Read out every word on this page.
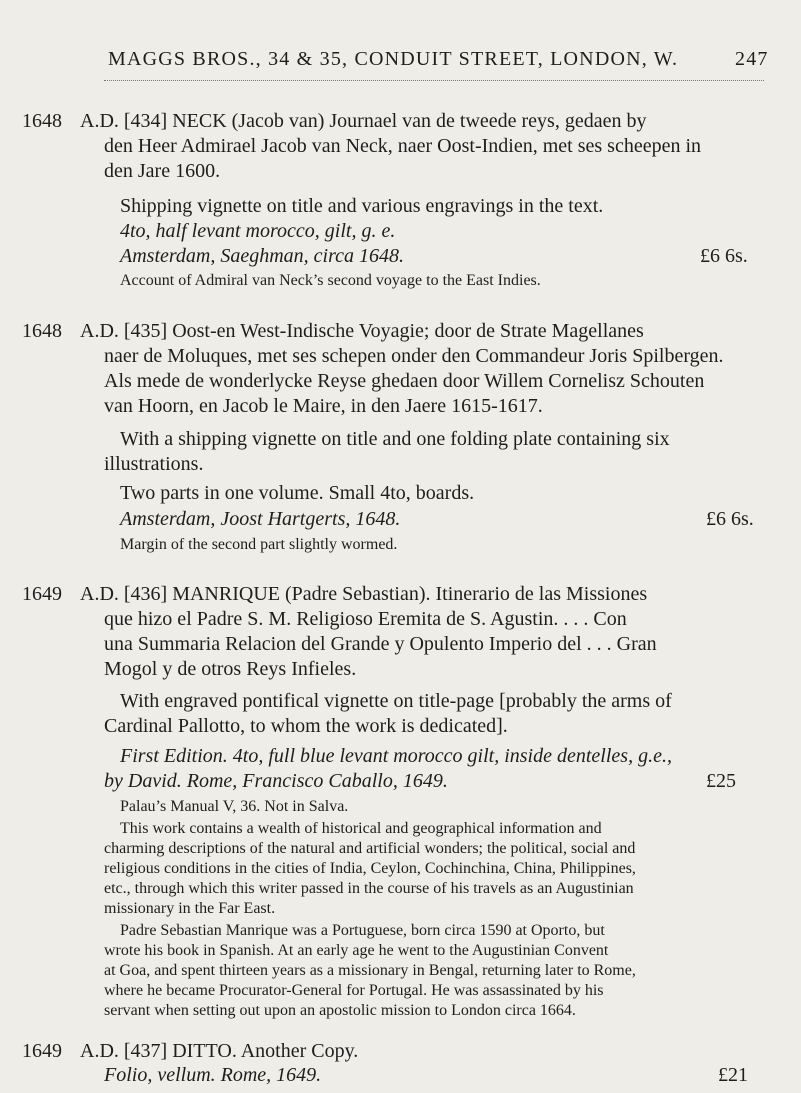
MAGGS BROS., 34 & 35, CONDUIT STREET, LONDON, W.	247
1648 A.D. [434] NECK (Jacob van) Journael van de tweede reys, gedaen by
den Heer Admirael Jacob van Neck, naer Oost-Indien, met ses scheepen in
den Jare 1600.
Shipping vignette on title and various engravings in the text.
4to, half levant morocco, gilt, g. e.
Amsterdam, Saeghman, circa 1648.	£6 6s.
Account of Admiral van Neck’s second voyage to the East Indies.
1648 A.D. [435] Oost-en West-Indische Voyagie; door de Strate Magellanes
naer de Moluques, met ses schepen onder den Commandeur Joris Spilbergen.
Als mede de wonderlycke Reyse ghedaen door Willem Cornelisz Schouten
van Hoorn, en Jacob le Maire, in den Jaere 1615-1617.
With a shipping vignette on title and one folding plate containing six
illustrations.
Two parts in one volume. Small 4to, boards.
Amsterdam, Joost Hartgerts, 1648.	£6 6s.
Margin of the second part slightly wormed.
1649 A.D. [436] MANRIQUE (Padre Sebastian). Itinerario de las Missiones
que hizo el Padre S. M. Religioso Eremita de S. Agustin. . . . Con
una Summaria Relacion del Grande y Opulento Imperio del . . . Gran
Mogol y de otros Reys Infieles.
With engraved pontifical vignette on title-page [probably the arms of
Cardinal Pallotto, to whom the work is dedicated].
First Edition. 4to, full blue levant morocco gilt, inside dentelles, g.e.,
by David. Rome, Francisco Caballo, 1649.	£25
Palau’s Manual V, 36. Not in Salva.
This work contains a wealth of historical and geographical information and
charming descriptions of the natural and artificial wonders; the political, social and
religious conditions in the cities of India, Ceylon, Cochinchina, China, Philippines,
etc., through which this writer passed in the course of his travels as an Augustinian
missionary in the Far East.
Padre Sebastian Manrique was a Portuguese, born circa 1590 at Oporto, but
wrote his book in Spanish. At an early age he went to the Augustinian Convent
at Goa, and spent thirteen years as a missionary in Bengal, returning later to Rome,
where he became Procurator-General for Portugal. He was assassinated by his
servant when setting out upon an apostolic mission to London circa 1664.
1649 A.D. [437] DITTO. Another Copy.
Folio, vellum. Rome, 1649.	£21
